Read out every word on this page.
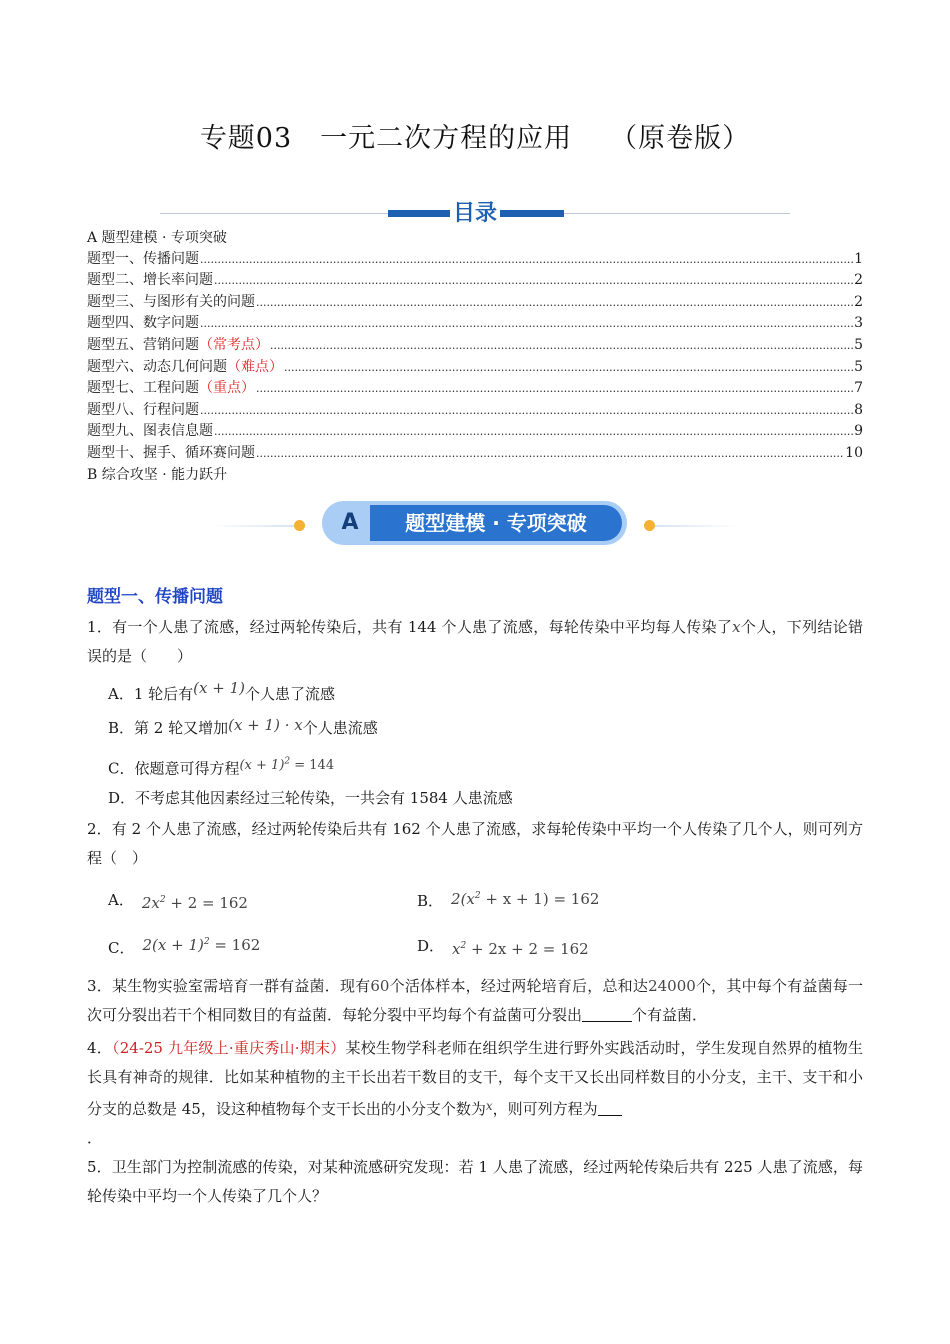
专题03　一元二次方程的应用 （原卷版）
目录
A 题型建模 · 专项突破
题型一、传播问题 .....	1
题型二、增长率问题 .....	2
题型三、与图形有关的问题 .....	2
题型四、数字问题 .....	3
题型五、营销问题 （常考点） .....	5
题型六、动态几何问题 （难点） .....	5
题型七、工程问题 （重点） .....	7
题型八、行程问题 .....	8
题型九、图表信息题 .....	9
题型十、握手、循环赛问题 .....	10
B 综合攻坚 · 能力跃升
A	题型建模 · 专项突破
题型一、传播问题
1．有一个人患了流感，经过两轮传染后，共有 144 个人患了流感，每轮传染中平均每人传染了x个人，下列结论错误的是（　　）
A．1 轮后有(x + 1)个人患了流感
B．第 2 轮又增加(x + 1) · x个人患流感
C．依题意可得方程$(x + 1)^2 = 144$
D．不考虑其他因素经过三轮传染，一共会有 1584 人患流感
2．有 2 个人患了流感，经过两轮传染后共有 162 个人患了流感，求每轮传染中平均一个人传染了几个人，则可列方程（　）
A． $2x^2 + 2 = 162$	B． $2(x^2 + x + 1) = 162$
C． $2(x + 1)^2 = 162$	D． $x^2 + 2x + 2 = 162$
3．某生物实验室需培育一群有益菌．现有60个活体样本，经过两轮培育后，总和达24000个，其中每个有益菌每一次可分裂出若干个相同数目的有益菌．每轮分裂中平均每个有益菌可分裂出	个有益菌．
4．（24-25 九年级上·重庆秀山·期末）某校生物学科老师在组织学生进行野外实践活动时，学生发现自然界的植物生长具有神奇的规律．比如某种植物的主干长出若干数目的支干，每个支干又长出同样数目的小分支，主干、支干和小分支的总数是 45，设这种植物每个支干长出的小分支个数为$^x$，则可列方程为
．
5．卫生部门为控制流感的传染，对某种流感研究发现：若 1 人患了流感，经过两轮传染后共有 225 人患了流感，每轮传染中平均一个人传染了几个人？
